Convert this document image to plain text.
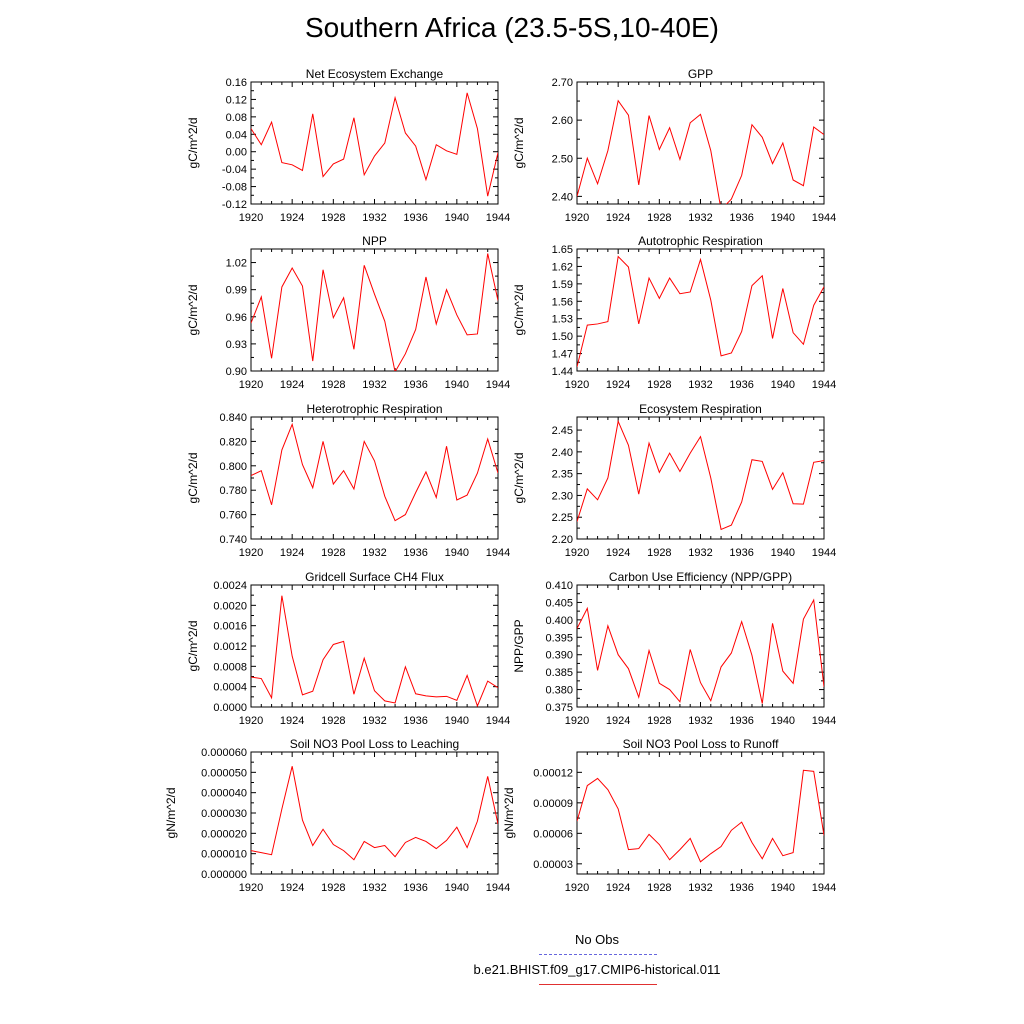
Southern Africa (23.5-5S,10-40E)
Net Ecosystem Exchange
gC/m^2/d
1920 1924 1928 1932 1936 1940 1944
-0.12
-0.08
-0.04
0.00
0.04
0.08
0.12
0.16
GPP
gC/m^2/d
1920 1924 1928 1932 1936 1940 1944
2.40
2.50
2.60
2.70
NPP
gC/m^2/d
1920 1924 1928 1932 1936 1940 1944
0.90
0.93
0.96
0.99
1.02
Autotrophic Respiration
gC/m^2/d
1920 1924 1928 1932 1936 1940 1944
1.44
1.47
1.50
1.53
1.56
1.59
1.62
1.65
Heterotrophic Respiration
gC/m^2/d
1920 1924 1928 1932 1936 1940 1944
0.740
0.760
0.780
0.800
0.820
0.840
Ecosystem Respiration
gC/m^2/d
1920 1924 1928 1932 1936 1940 1944
2.20
2.25
2.30
2.35
2.40
2.45
Gridcell Surface CH4 Flux
gC/m^2/d
1920 1924 1928 1932 1936 1940 1944
0.0000
0.0004
0.0008
0.0012
0.0016
0.0020
0.0024
Carbon Use Efficiency (NPP/GPP)
NPP/GPP
1920 1924 1928 1932 1936 1940 1944
0.375
0.380
0.385
0.390
0.395
0.400
0.405
0.410
Soil NO3 Pool Loss to Leaching
gN/m^2/d
1920 1924 1928 1932 1936 1940 1944
0.000000
0.000010
0.000020
0.000030
0.000040
0.000050
0.000060
Soil NO3 Pool Loss to Runoff
gN/m^2/d
1920 1924 1928 1932 1936 1940 1944
0.00003
0.00006
0.00009
0.00012
No Obs
b.e21.BHIST.f09_g17.CMIP6-historical.011
